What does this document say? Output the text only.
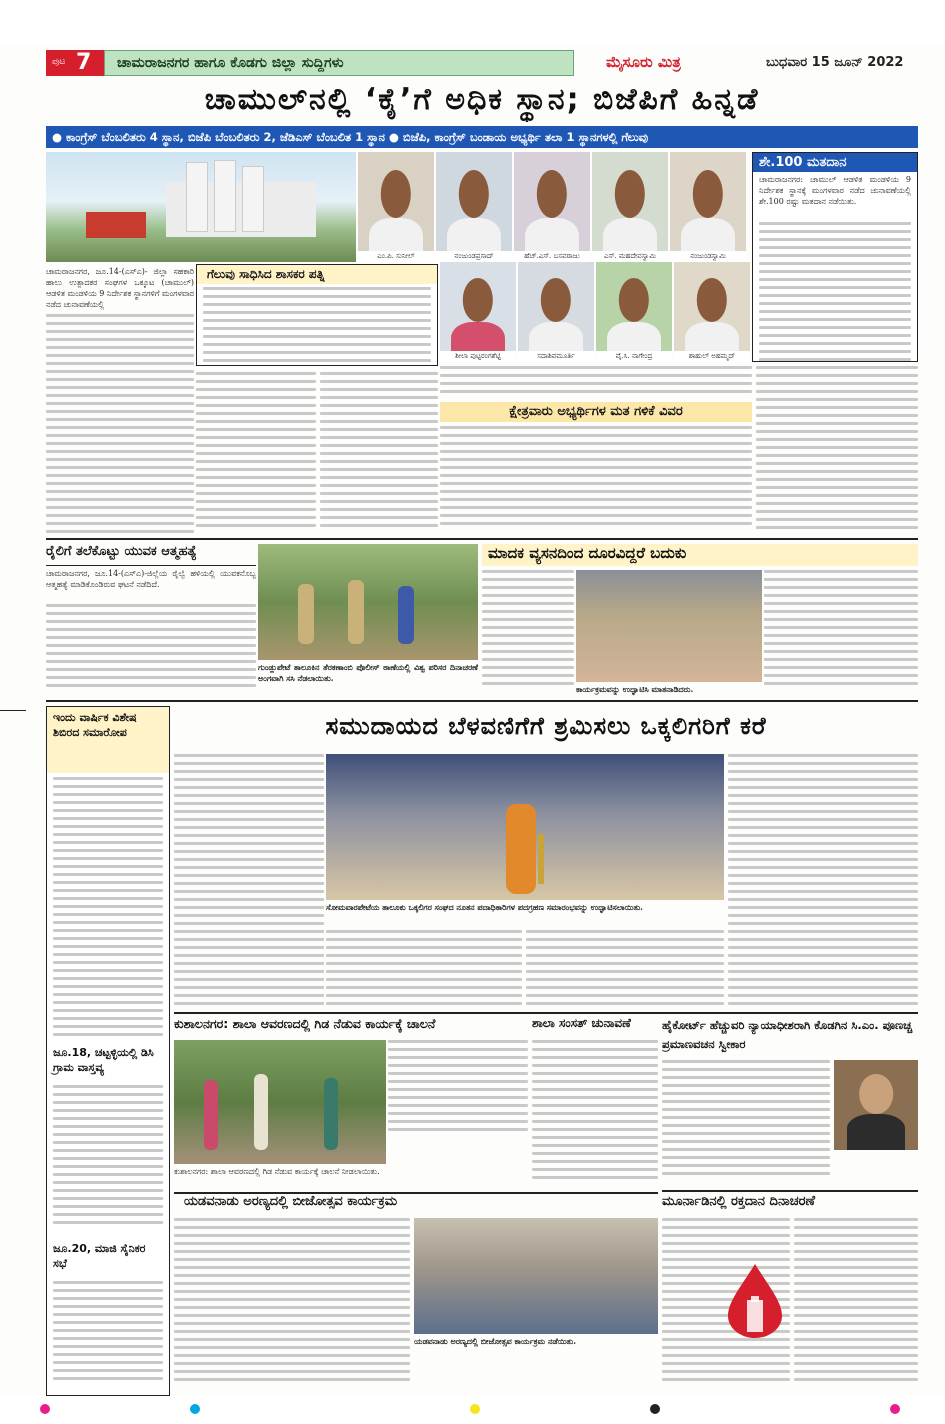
ಪುಟ 7 ಚಾಮರಾಜನಗರ ಹಾಗೂ ಕೊಡಗು ಜಿಲ್ಲಾ ಸುದ್ದಿಗಳು	ಮೈಸೂರು ಮಿತ್ರ	ಬುಧವಾರ 15 ಜೂನ್ 2022
ಚಾಮುಲ್‌ನಲ್ಲಿ ‘ಕೈ’ಗೆ ಅಧಿಕ ಸ್ಥಾನ; ಬಿಜೆಪಿಗೆ ಹಿನ್ನಡೆ
● ಕಾಂಗ್ರೆಸ್ ಬೆಂಬಲಿತರು 4 ಸ್ಥಾನ, ಬಿಜೆಪಿ ಬೆಂಬಲಿತರು 2, ಜೆಡಿಎಸ್ ಬೆಂಬಲಿತ 1 ಸ್ಥಾನ ● ಬಿಜೆಪಿ, ಕಾಂಗ್ರೆಸ್ ಬಂಡಾಯ ಅಭ್ಯರ್ಥಿ ತಲಾ 1 ಸ್ಥಾನಗಳಲ್ಲಿ ಗೆಲುವು
ಎಂ.ಪಿ. ಸುನೀಲ್	ನಂಜುಂಡಪ್ರಸಾದ್	ಹೆಚ್.ಎಸ್. ಬಸವರಾಜು	ಎಸ್. ಮಹದೇವಸ್ವಾಮಿ	ನಂಜುಂಡಸ್ವಾಮಿ
ಶೀಲಾ ಪುಟ್ಟರಂಗಶೆಟ್ಟಿ	ಸದಾಶಿವಮೂರ್ತಿ	ವೈ.ಸಿ. ನಾಗೇಂದ್ರ	ಶಾಹುಲ್ ಅಹಮ್ಮದ್
ಶೇ.100 ಮತದಾನ
ಚಾಮರಾಜನಗರ: ಚಾಮುಲ್ ಆಡಳಿತ ಮಂಡಳಿಯ 9 ನಿರ್ದೇಶಕ ಸ್ಥಾನಕ್ಕೆ ಮಂಗಳವಾರ ನಡೆದ ಚುನಾವಣೆಯಲ್ಲಿ ಶೇ.100 ರಷ್ಟು ಮತದಾನ ನಡೆಯಿತು.
ಚಾಮರಾಜನಗರ, ಜೂ.14-(ಎಸ್‌ಎ)- ಜಿಲ್ಲಾ ಸಹಕಾರಿ ಹಾಲು ಉತ್ಪಾದಕರ ಸಂಘಗಳ ಒಕ್ಕೂಟ (ಚಾಮುಲ್) ಆಡಳಿತ ಮಂಡಳಿಯ 9 ನಿರ್ದೇಶಕ ಸ್ಥಾನಗಳಿಗೆ ಮಂಗಳವಾರ ನಡೆದ ಚುನಾವಣೆಯಲ್ಲಿ
ಗೆಲುವು ಸಾಧಿಸಿದ ಶಾಸಕರ ಪತ್ನಿ
ಕ್ಷೇತ್ರವಾರು ಅಭ್ಯರ್ಥಿಗಳ ಮತ ಗಳಿಕೆ ವಿವರ
ರೈಲಿಗೆ ತಲೆಕೊಟ್ಟು ಯುವಕ ಆತ್ಮಹತ್ಯೆ
ಚಾಮರಾಜನಗರ, ಜೂ.14-(ಎಸ್‌ಎ)-ಜಿಲ್ಲೆಯ ರೈಲ್ವೆ ಹಳಿಯಲ್ಲಿ ಯುವಕನೊಬ್ಬ ಆತ್ಮಹತ್ಯೆ ಮಾಡಿಕೊಂಡಿರುವ ಘಟನೆ ನಡೆದಿದೆ.
ಗುಂಡ್ಲುಪೇಟೆ ತಾಲೂಕಿನ ತೆರಕಣಾಂಬಿ ಪೊಲೀಸ್ ಠಾಣೆಯಲ್ಲಿ ವಿಶ್ವ ಪರಿಸರ ದಿನಾಚರಣೆ ಅಂಗವಾಗಿ ಸಸಿ ನೆಡಲಾಯಿತು.
ಮಾದಕ ವ್ಯಸನದಿಂದ ದೂರವಿದ್ದರೆ ಬದುಕು
ಕಾರ್ಯಕ್ರಮವನ್ನು ಉದ್ಘಾಟಿಸಿ ಮಾತನಾಡಿದರು.
ಇಂದು ವಾರ್ಷಿಕ ವಿಶೇಷ ಶಿಬಿರದ ಸಮಾರೋಪ
ಜೂ.18, ಚಟ್ಟಳ್ಳಿಯಲ್ಲಿ ಡಿಸಿ ಗ್ರಾಮ ವಾಸ್ತವ್ಯ
ಜೂ.20, ಮಾಜಿ ಸೈನಿಕರ ಸಭೆ
ಸಮುದಾಯದ ಬೆಳವಣಿಗೆಗೆ ಶ್ರಮಿಸಲು ಒಕ್ಕಲಿಗರಿಗೆ ಕರೆ
ಸೋಮವಾರಪೇಟೆಯ ತಾಲೂಕು ಒಕ್ಕಲಿಗರ ಸಂಘದ ನೂತನ ಪದಾಧಿಕಾರಿಗಳ ಪದಗ್ರಹಣ ಸಮಾರಂಭವನ್ನು ಉದ್ಘಾಟಿಸಲಾಯಿತು.
ಕುಶಾಲನಗರ: ಶಾಲಾ ಆವರಣದಲ್ಲಿ ಗಿಡ ನೆಡುವ ಕಾರ್ಯಕ್ಕೆ ಚಾಲನೆ
ಕುಶಾಲನಗರ: ಶಾಲಾ ಆವರಣದಲ್ಲಿ ಗಿಡ ನೆಡುವ ಕಾರ್ಯಕ್ಕೆ ಚಾಲನೆ ನೀಡಲಾಯಿತು.
ಶಾಲಾ ಸಂಸತ್ ಚುನಾವಣೆ	ಹೈಕೋರ್ಟ್ ಹೆಚ್ಚುವರಿ ನ್ಯಾಯಾಧೀಶರಾಗಿ ಕೊಡಗಿನ ಸಿ.ಎಂ. ಪೂಣಚ್ಚ ಪ್ರಮಾಣವಚನ ಸ್ವೀಕಾರ
ಯಡವನಾಡು ಅರಣ್ಯದಲ್ಲಿ ಬೀಜೋತ್ಸವ ಕಾರ್ಯಕ್ರಮ
ಯಡವನಾಡು ಅರಣ್ಯದಲ್ಲಿ ಬೀಜೋತ್ಸವ ಕಾರ್ಯಕ್ರಮ ನಡೆಯಿತು.
ಮೂರ್ನಾಡಿನಲ್ಲಿ ರಕ್ತದಾನ ದಿನಾಚರಣೆ
